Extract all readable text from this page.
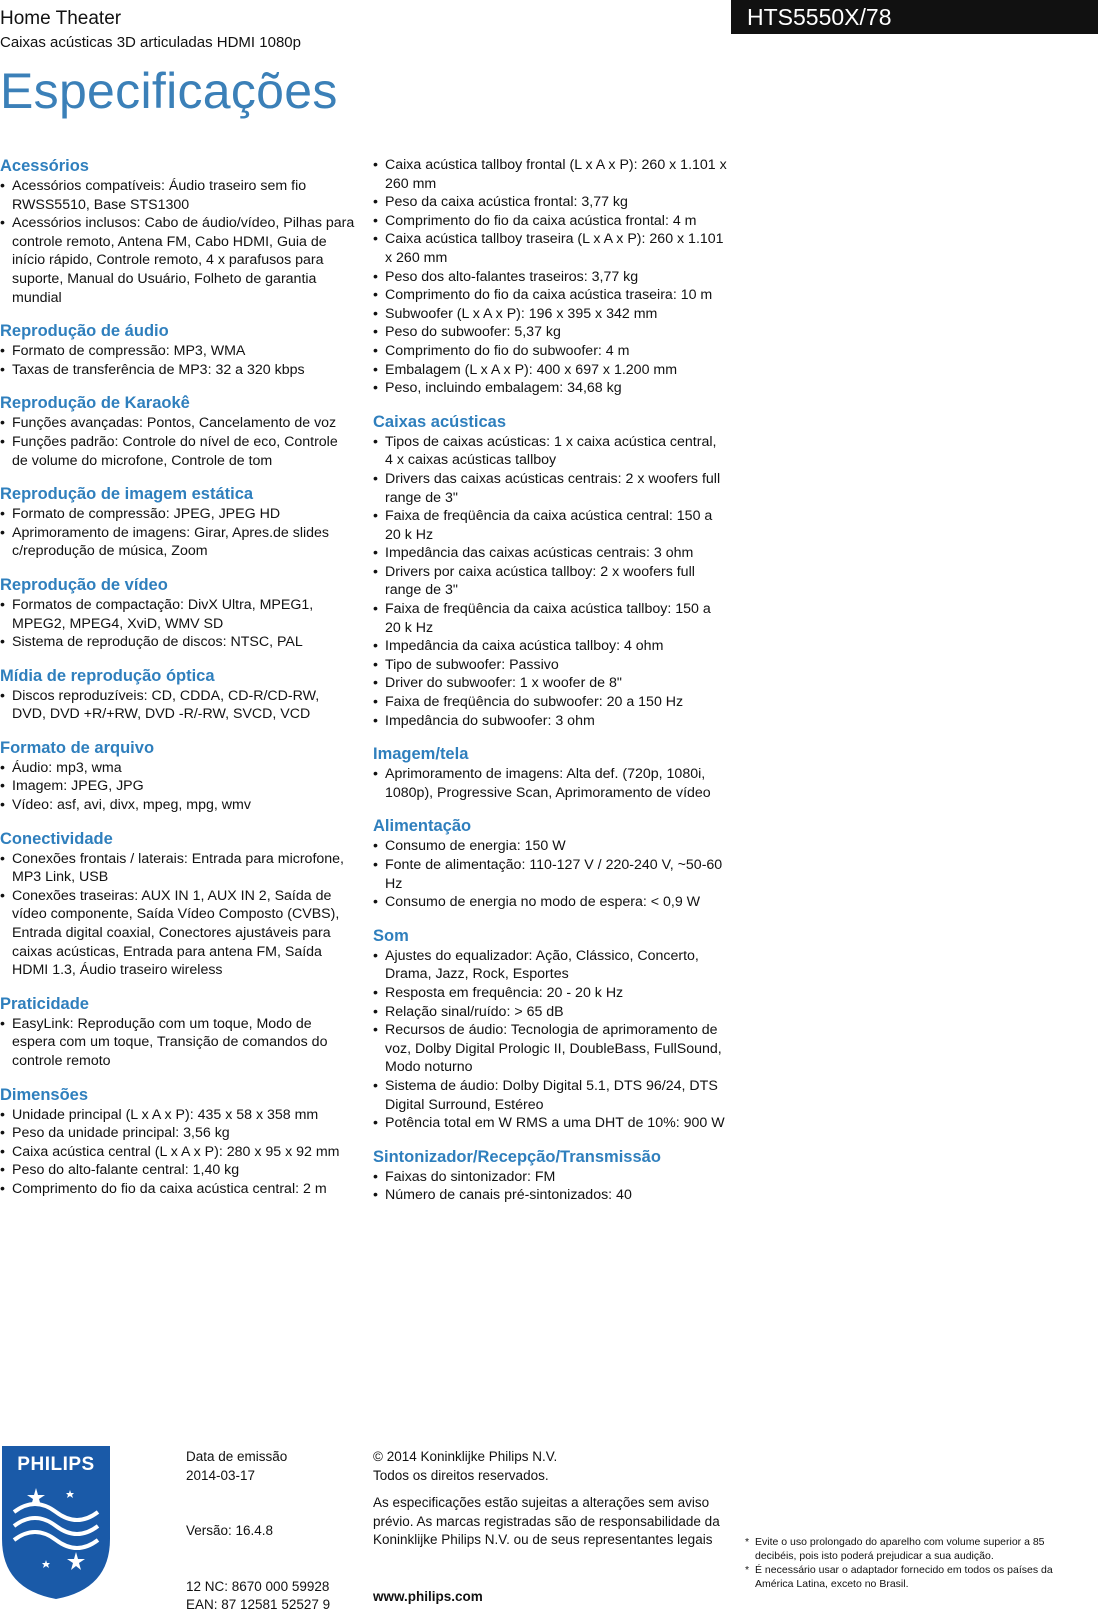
Home Theater
Caixas acústicas 3D articuladas HDMI 1080p
HTS5550X/78
Especificações
Acessórios
• Acessórios compatíveis: Áudio traseiro sem fio RWSS5510, Base STS1300
• Acessórios inclusos: Cabo de áudio/vídeo, Pilhas para controle remoto, Antena FM, Cabo HDMI, Guia de início rápido, Controle remoto, 4 x parafusos para suporte, Manual do Usuário, Folheto de garantia mundial
Reprodução de áudio
• Formato de compressão: MP3, WMA
• Taxas de transferência de MP3: 32 a 320 kbps
Reprodução de Karaokê
• Funções avançadas: Pontos, Cancelamento de voz
• Funções padrão: Controle do nível de eco, Controle de volume do microfone, Controle de tom
Reprodução de imagem estática
• Formato de compressão: JPEG, JPEG HD
• Aprimoramento de imagens: Girar, Apres.de slides c/reprodução de música, Zoom
Reprodução de vídeo
• Formatos de compactação: DivX Ultra, MPEG1, MPEG2, MPEG4, XviD, WMV SD
• Sistema de reprodução de discos: NTSC, PAL
Mídia de reprodução óptica
• Discos reproduzíveis: CD, CDDA, CD-R/CD-RW, DVD, DVD +R/+RW, DVD -R/-RW, SVCD, VCD
Formato de arquivo
• Áudio: mp3, wma
• Imagem: JPEG, JPG
• Vídeo: asf, avi, divx, mpeg, mpg, wmv
Conectividade
• Conexões frontais / laterais: Entrada para microfone, MP3 Link, USB
• Conexões traseiras: AUX IN 1, AUX IN 2, Saída de vídeo componente, Saída Vídeo Composto (CVBS), Entrada digital coaxial, Conectores ajustáveis para caixas acústicas, Entrada para antena FM, Saída HDMI 1.3, Áudio traseiro wireless
Praticidade
• EasyLink: Reprodução com um toque, Modo de espera com um toque, Transição de comandos do controle remoto
Dimensões
• Unidade principal (L x A x P): 435 x 58 x 358 mm
• Peso da unidade principal: 3,56 kg
• Caixa acústica central (L x A x P): 280 x 95 x 92 mm
• Peso do alto-falante central: 1,40 kg
• Comprimento do fio da caixa acústica central: 2 m
• Caixa acústica tallboy frontal (L x A x P): 260 x 1.101 x 260 mm
• Peso da caixa acústica frontal: 3,77 kg
• Comprimento do fio da caixa acústica frontal: 4 m
• Caixa acústica tallboy traseira (L x A x P): 260 x 1.101 x 260 mm
• Peso dos alto-falantes traseiros: 3,77 kg
• Comprimento do fio da caixa acústica traseira: 10 m
• Subwoofer (L x A x P): 196 x 395 x 342 mm
• Peso do subwoofer: 5,37 kg
• Comprimento do fio do subwoofer: 4 m
• Embalagem (L x A x P): 400 x 697 x 1.200 mm
• Peso, incluindo embalagem: 34,68 kg
Caixas acústicas
• Tipos de caixas acústicas: 1 x caixa acústica central, 4 x caixas acústicas tallboy
• Drivers das caixas acústicas centrais: 2 x woofers full range de 3"
• Faixa de freqüência da caixa acústica central: 150 a 20 k Hz
• Impedância das caixas acústicas centrais: 3 ohm
• Drivers por caixa acústica tallboy: 2 x woofers full range de 3"
• Faixa de freqüência da caixa acústica tallboy: 150 a 20 k Hz
• Impedância da caixa acústica tallboy: 4 ohm
• Tipo de subwoofer: Passivo
• Driver do subwoofer: 1 x woofer de 8"
• Faixa de freqüência do subwoofer: 20 a 150 Hz
• Impedância do subwoofer: 3 ohm
Imagem/tela
• Aprimoramento de imagens: Alta def. (720p, 1080i, 1080p), Progressive Scan, Aprimoramento de vídeo
Alimentação
• Consumo de energia: 150 W
• Fonte de alimentação: 110-127 V / 220-240 V, ~50-60 Hz
• Consumo de energia no modo de espera: < 0,9 W
Som
• Ajustes do equalizador: Ação, Clássico, Concerto, Drama, Jazz, Rock, Esportes
• Resposta em frequência: 20 - 20 k Hz
• Relação sinal/ruído: > 65 dB
• Recursos de áudio: Tecnologia de aprimoramento de voz, Dolby Digital Prologic II, DoubleBass, FullSound, Modo noturno
• Sistema de áudio: Dolby Digital 5.1, DTS 96/24, DTS Digital Surround, Estéreo
• Potência total em W RMS a uma DHT de 10%: 900 W
Sintonizador/Recepção/Transmissão
• Faixas do sintonizador: FM
• Número de canais pré-sintonizados: 40
PHILIPS	Data de emissão
2014-03-17
Versão: 16.4.8
12 NC: 8670 000 59928
EAN: 87 12581 52527 9
© 2014 Koninklijke Philips N.V.
Todos os direitos reservados.
As especificações estão sujeitas a alterações sem aviso prévio. As marcas registradas são de responsabilidade da Koninklijke Philips N.V. ou de seus representantes legais
www.philips.com
* Evite o uso prolongado do aparelho com volume superior a 85 decibéis, pois isto poderá prejudicar a sua audição.
* É necessário usar o adaptador fornecido em todos os países da América Latina, exceto no Brasil.
